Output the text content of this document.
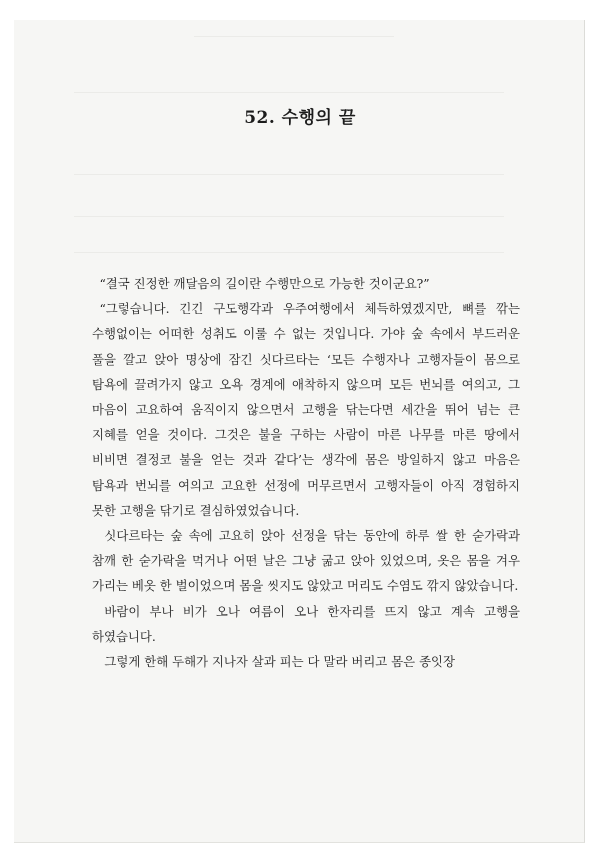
52. 수행의 끝

“결국 진정한 깨달음의 길이란 수행만으로 가능한 것이군요?”

“그렇습니다. 긴긴 구도행각과 우주여행에서 체득하였겠지만, 뼈를 깎는 수행없이는 어떠한 성취도 이룰 수 없는 것입니다. 가야 숲 속에서 부드러운 풀을 깔고 앉아 명상에 잠긴 싯다르타는 ‘모든 수행자나 고행자들이 몸으로 탐욕에 끌려가지 않고 오욕 경계에 애착하지 않으며 모든 번뇌를 여의고, 그 마음이 고요하여 움직이지 않으면서 고행을 닦는다면 세간을 뛰어 넘는 큰 지혜를 얻을 것이다. 그것은 불을 구하는 사람이 마른 나무를 마른 땅에서 비비면 결정코 불을 얻는 것과 같다’는 생각에 몸은 방일하지 않고 마음은 탐욕과 번뇌를 여의고 고요한 선정에 머무르면서 고행자들이 아직 경험하지 못한 고행을 닦기로 결심하였었습니다.

싯다르타는 숲 속에 고요히 앉아 선정을 닦는 동안에 하루 쌀 한 숟가락과 참깨 한 숟가락을 먹거나 어떤 날은 그냥 굶고 앉아 있었으며, 옷은 몸을 겨우 가리는 베옷 한 벌이었으며 몸을 씻지도 않았고 머리도 수염도 깎지 않았습니다.

바람이 부나 비가 오나 여름이 오나 한자리를 뜨지 않고 계속 고행을 하였습니다.

그렇게 한해 두해가 지나자 살과 피는 다 말라 버리고 몸은 종잇장
